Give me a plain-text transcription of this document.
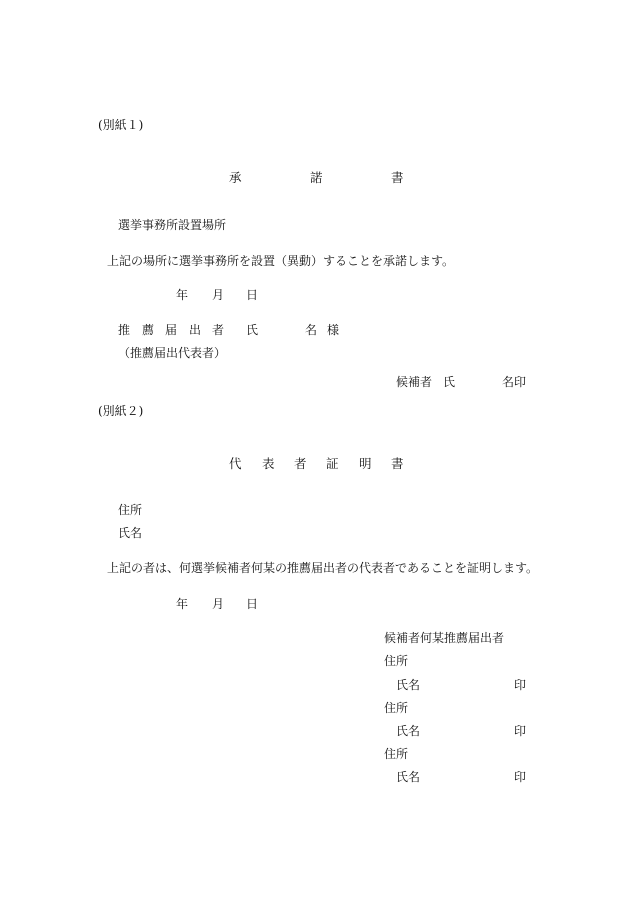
(別紙１)
承	諾	書
選挙事務所設置場所
上記の場所に選挙事務所を設置（異動）することを承諾します。
年 月 日
推 薦 届 出 者 氏	名 様
（推薦届出代表者）
候補者 氏	名印
(別紙２)
代 表 者 証 明 書
住所
氏名
上記の者は、何選挙候補者何某の推薦届出者の代表者であることを証明します。
年 月 日
候補者何某推薦届出者
住所
氏名	印
住所
氏名	印
住所
氏名	印
